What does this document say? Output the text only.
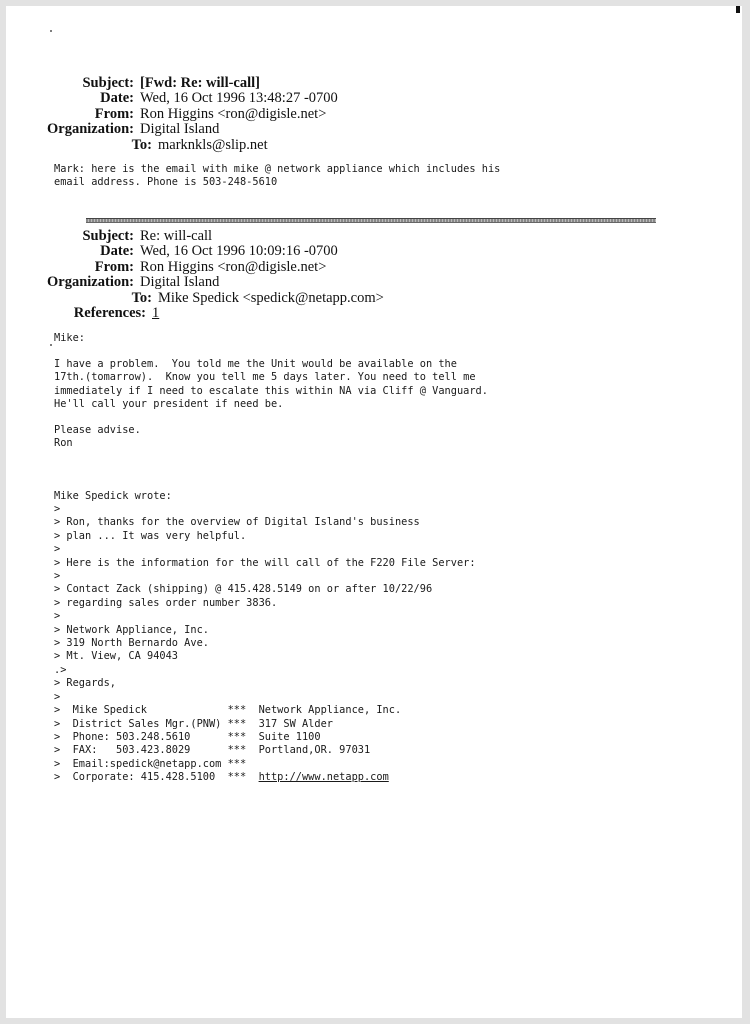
Subject: [Fwd: Re: will-call]
Date: Wed, 16 Oct 1996 13:48:27 -0700
From: Ron Higgins <ron@digisle.net>
Organization: Digital Island
To: marknkls@slip.net
Mark: here is the email with mike @ network appliance which includes his
email address. Phone is 503-248-5610
Subject: Re: will-call
Date: Wed, 16 Oct 1996 10:09:16 -0700
From: Ron Higgins <ron@digisle.net>
Organization: Digital Island
To: Mike Spedick <spedick@netapp.com>
References: 1
Mike:
I have a problem.  You told me the Unit would be available on the
17th.(tomarrow).  Know you tell me 5 days later. You need to tell me
immediately if I need to escalate this within NA via Cliff @ Vanguard.
He'll call your president if need be.
Please advise.
Ron
Mike Spedick wrote:
>
> Ron, thanks for the overview of Digital Island's business
> plan ... It was very helpful.
>
> Here is the information for the will call of the F220 File Server:
>
> Contact Zack (shipping) @ 415.428.5149 on or after 10/22/96
> regarding sales order number 3836.
>
> Network Appliance, Inc.
> 319 North Bernardo Ave.
> Mt. View, CA 94043
.>
> Regards,
>
>  Mike Spedick             ***  Network Appliance, Inc.
>  District Sales Mgr.(PNW) ***  317 SW Alder
>  Phone: 503.248.5610      ***  Suite 1100
>  FAX:   503.423.8029      ***  Portland,OR. 97031
>  Email:spedick@netapp.com ***
>  Corporate: 415.428.5100  ***  http://www.netapp.com
